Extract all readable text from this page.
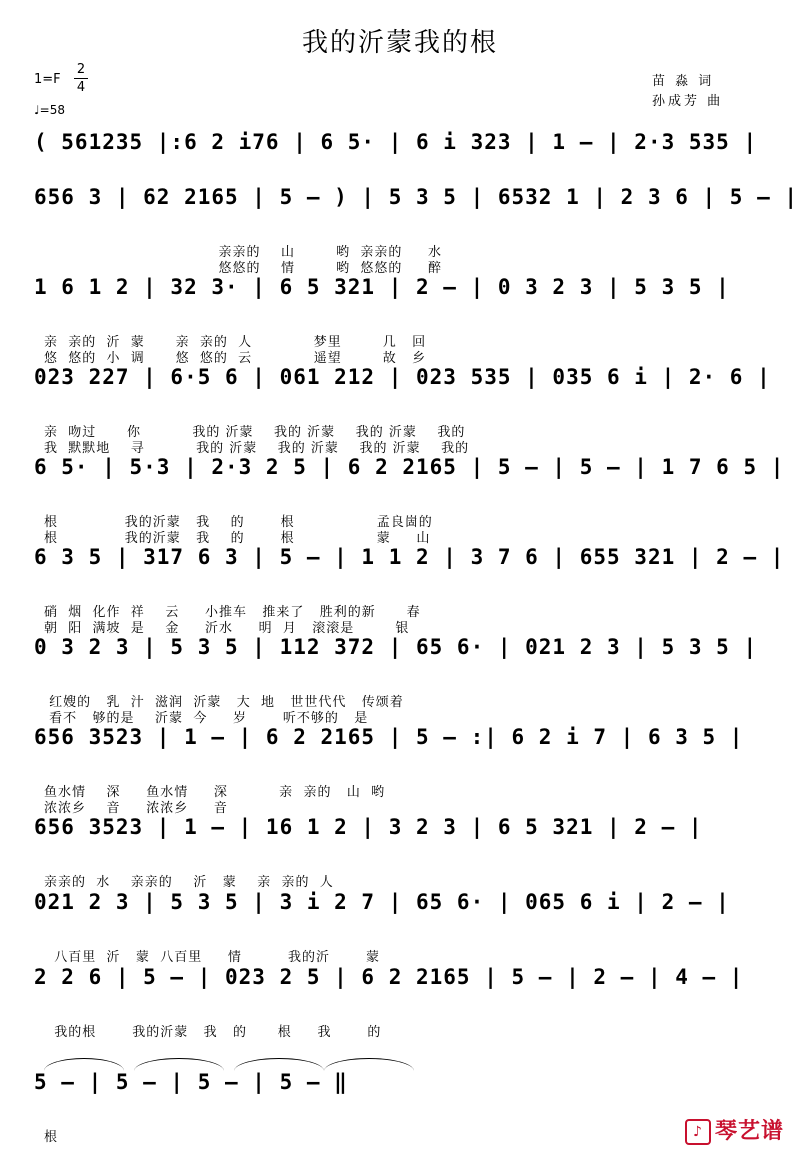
我的沂蒙我的根
1=F
2
4
♩=58
苗 淼 词
孙成芳 曲
( 561235 |:6 2 i76 | 6 5· | 6 i 323 | 1 – | 2·3 535 |
656 3 | 62 2165 | 5 – ) | 5 3 5 | 6532 1 | 2 3 6 | 5 – |
亲亲的    山        哟  亲亲的     水
悠悠的    情        哟  悠悠的     醉
1 6 1 2 | 32 3· | 6 5 321 | 2 – | 0 3 2 3 | 5 3 5 |
亲  亲的  沂  蒙      亲  亲的  人            梦里        几   回
悠  悠的  小  调      悠  悠的  云            遥望        故   乡
023 227 | 6·5 6 | 061 212 | 023 535 | 035 6 i | 2· 6 |
亲  吻过      你          我的 沂蒙    我的 沂蒙    我的 沂蒙    我的
我  默默地    寻          我的 沂蒙    我的 沂蒙    我的 沂蒙    我的
6 5· | 5·3 | 2·3 2 5 | 6 2 2165 | 5 – | 5 – | 1 7 6 5 |
根             我的沂蒙   我    的       根                孟良崮的
根             我的沂蒙   我    的       根                蒙     山
6 3 5 | 317 6 3 | 5 – | 1 1 2 | 3 7 6 | 655 321 | 2 – |
硝  烟  化作  祥    云     小推车   推来了   胜利的新      春
朝  阳  满坡  是    金     沂水     明  月   滚滚是        银
0 3 2 3 | 5 3 5 | 112 372 | 65 6· | 021 2 3 | 5 3 5 |
红嫂的   乳  汁  滋润  沂蒙   大  地   世世代代   传颂着
看不   够的是    沂蒙  今     岁       听不够的   是
656 3523 | 1 – | 6 2 2165 | 5 – :| 6 2 i 7 | 6 3 5 |
鱼水情    深     鱼水情     深          亲  亲的   山  哟
浓浓乡    音     浓浓乡     音
656 3523 | 1 – | 16 1 2 | 3 2 3 | 6 5 321 | 2 – |
亲亲的  水    亲亲的    沂   蒙    亲  亲的  人
021 2 3 | 5 3 5 | 3 i 2 7 | 65 6· | 065 6 i | 2 – |
八百里  沂   蒙  八百里     情         我的沂       蒙
2 2 6 | 5 – | 023 2 5 | 6 2 2165 | 5 – | 2 – | 4 – |
我的根       我的沂蒙   我   的      根     我       的
5 – | 5 – | 5 – | 5 – ‖
根	♪ 琴艺谱
